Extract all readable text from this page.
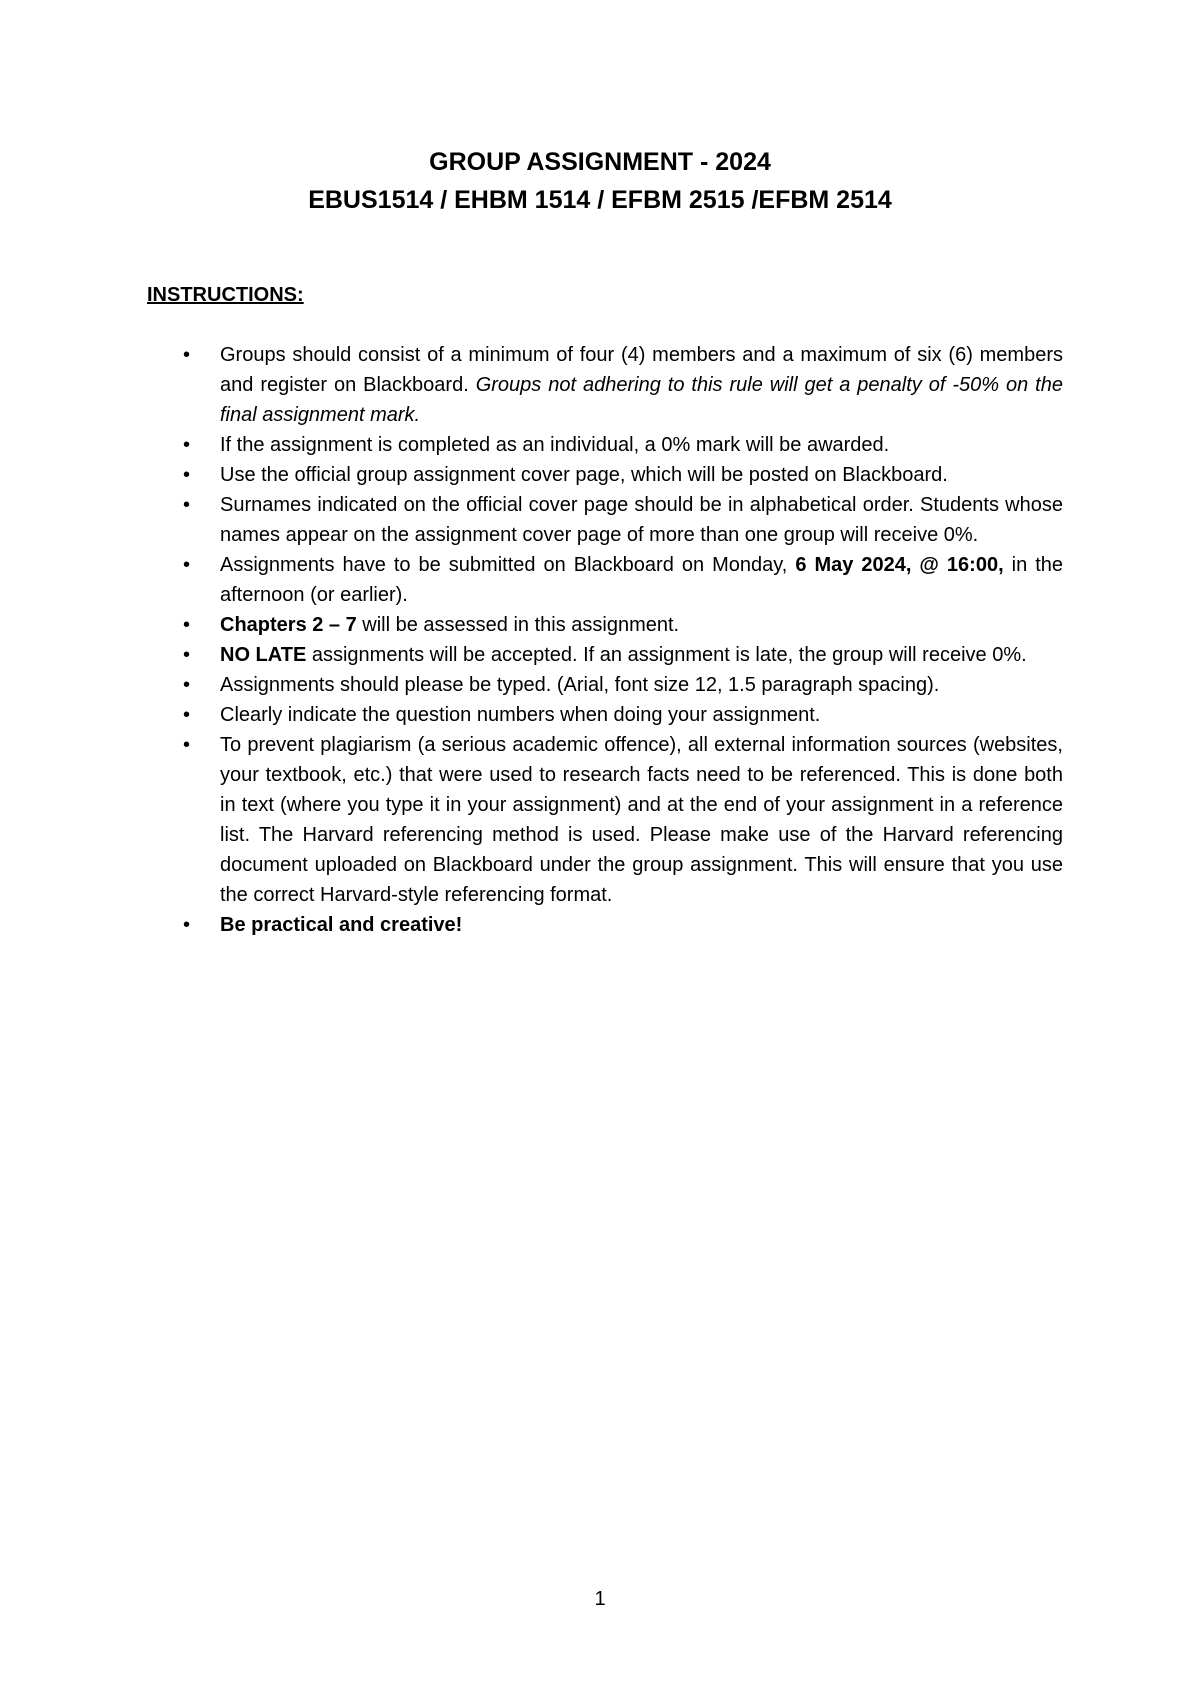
GROUP ASSIGNMENT - 2024
EBUS1514 / EHBM 1514 / EFBM 2515 /EFBM 2514
INSTRUCTIONS:
•	Groups should consist of a minimum of four (4) members and a maximum of six (6) members and register on Blackboard. Groups not adhering to this rule will get a penalty of -50% on the final assignment mark.
•	If the assignment is completed as an individual, a 0% mark will be awarded.
•	Use the official group assignment cover page, which will be posted on Blackboard.
•	Surnames indicated on the official cover page should be in alphabetical order. Students whose names appear on the assignment cover page of more than one group will receive 0%.
•	Assignments have to be submitted on Blackboard on Monday, 6 May 2024, @ 16:00, in the afternoon (or earlier).
•	Chapters 2 – 7 will be assessed in this assignment.
•	NO LATE assignments will be accepted. If an assignment is late, the group will receive 0%.
•	Assignments should please be typed. (Arial, font size 12, 1.5 paragraph spacing).
•	Clearly indicate the question numbers when doing your assignment.
•	To prevent plagiarism (a serious academic offence), all external information sources (websites, your textbook, etc.) that were used to research facts need to be referenced. This is done both in text (where you type it in your assignment) and at the end of your assignment in a reference list. The Harvard referencing method is used. Please make use of the Harvard referencing document uploaded on Blackboard under the group assignment. This will ensure that you use the correct Harvard-style referencing format.
•	Be practical and creative!
1
